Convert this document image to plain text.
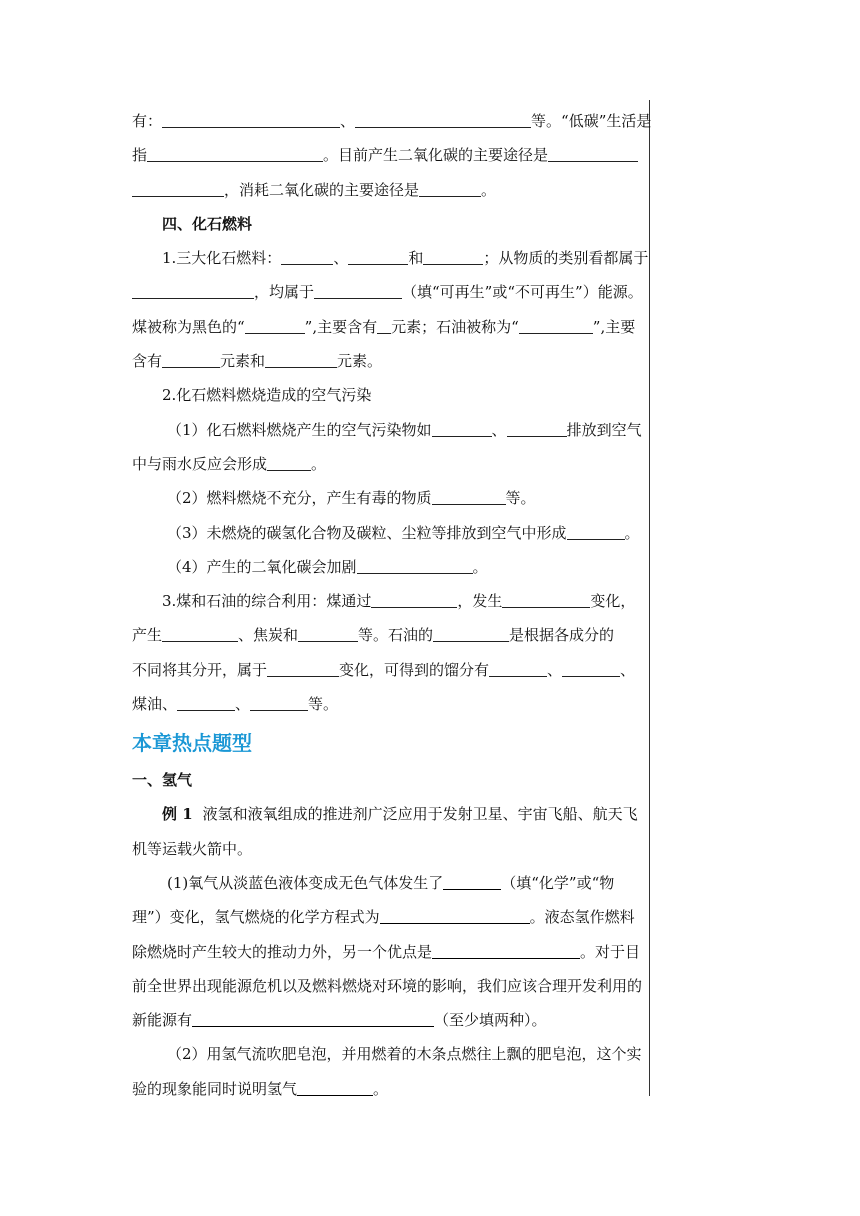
有：	、	等。“低碳”生活是
指	。目前产生二氧化碳的主要途径是
，消耗二氧化碳的主要途径是	。
四、化石燃料
1.三大化石燃料：	、	和	；从物质的类别看都属于
，均属于	（填“可再生”或“不可再生”）能源。
煤被称为黑色的“	”,主要含有 元素；石油被称为“	”,主要
含有	元素和	元素。
2.化石燃料燃烧造成的空气污染
（1）化石燃料燃烧产生的空气污染物如	、	排放到空气
中与雨水反应会形成	。
（2）燃料燃烧不充分，产生有毒的物质	等。
（3）未燃烧的碳氢化合物及碳粒、尘粒等排放到空气中形成	。
（4）产生的二氧化碳会加剧	。
3.煤和石油的综合利用：煤通过	，发生	变化，
产生	、焦炭和	等。石油的	是根据各成分的
不同将其分开，属于	变化，可得到的馏分有	、	、
煤油、	、	等。
本章热点题型
一、氢气
例 1 液氢和液氧组成的推进剂广泛应用于发射卫星、宇宙飞船、航天飞
机等运载火箭中。
(1)氧气从淡蓝色液体变成无色气体发生了	（填“化学”或“物
理”）变化，氢气燃烧的化学方程式为	。液态氢作燃料
除燃烧时产生较大的推动力外，另一个优点是	。对于目
前全世界出现能源危机以及燃料燃烧对环境的影响，我们应该合理开发利用的
新能源有	（至少填两种）。
（2）用氢气流吹肥皂泡，并用燃着的木条点燃往上飘的肥皂泡，这个实
验的现象能同时说明氢气	。
